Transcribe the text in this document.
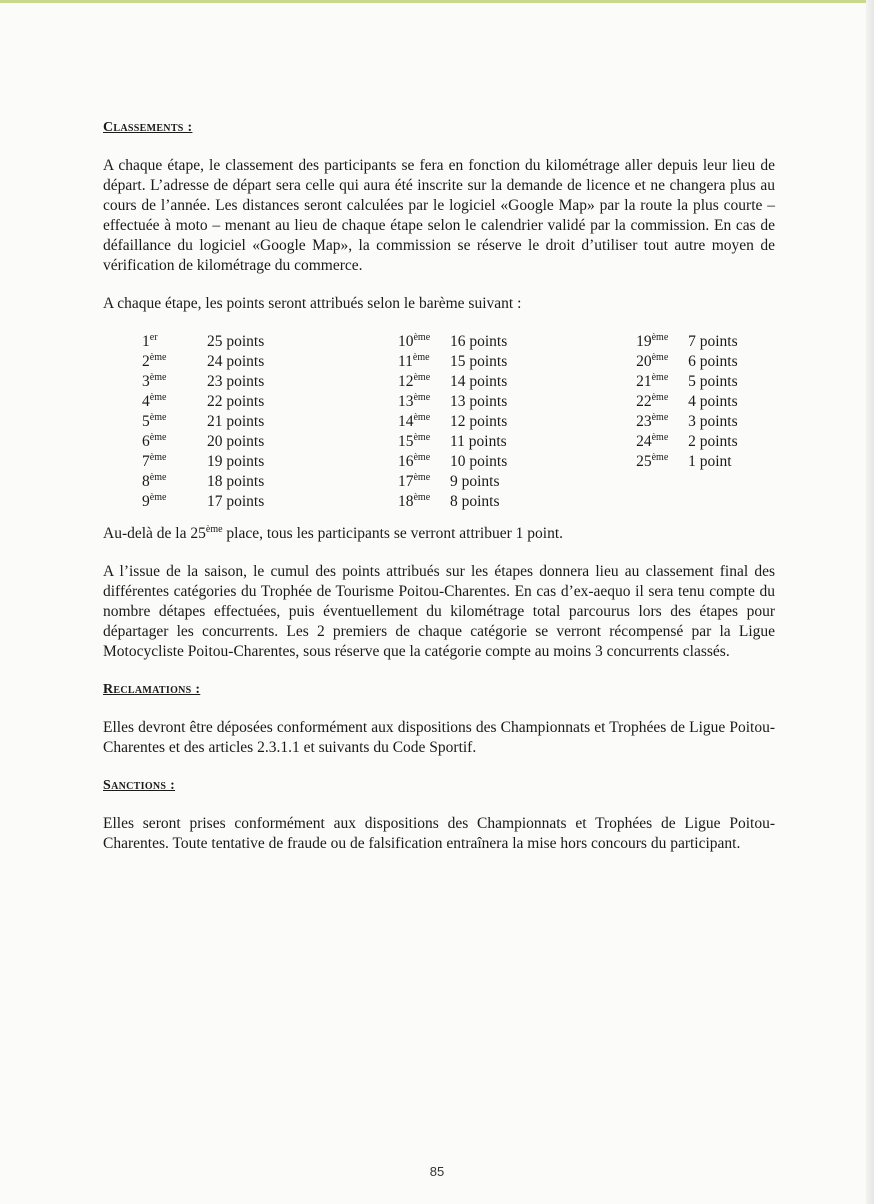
Classements :

A chaque étape, le classement des participants se fera en fonction du kilométrage aller depuis leur lieu de départ. L’adresse de départ sera celle qui aura été inscrite sur la demande de licence et ne changera plus au cours de l’année. Les distances seront calculées par le logiciel «Google Map» par la route la plus courte – effectuée à moto – menant au lieu de chaque étape selon le calendrier validé par la commission. En cas de défaillance du logiciel «Google Map», la commission se réserve le droit d’utiliser tout autre moyen de vérification de kilométrage du commerce.

A chaque étape, les points seront attribués selon le barème suivant :

1er	25 points
2ème	24 points
3ème	23 points
4ème	22 points
5ème	21 points
6ème	20 points
7ème	19 points
8ème	18 points
9ème	17 points
10ème	16 points
11ème	15 points
12ème	14 points
13ème	13 points
14ème	12 points
15ème	11 points
16ème	10 points
17ème	9 points
18ème	8 points
19ème	7 points
20ème	6 points
21ème	5 points
22ème	4 points
23ème	3 points
24ème	2 points
25ème	1 point

Au-delà de la 25ème place, tous les participants se verront attribuer 1 point.

A l’issue de la saison, le cumul des points attribués sur les étapes donnera lieu au classement final des différentes catégories du Trophée de Tourisme Poitou-Charentes. En cas d’ex-aequo il sera tenu compte du nombre détapes effectuées, puis éventuellement du kilométrage total parcourus lors des étapes pour départager les concurrents. Les 2 premiers de chaque catégorie se verront récompensé par la Ligue Motocycliste Poitou-Charentes, sous réserve que la catégorie compte au moins 3 concurrents classés.

Reclamations :

Elles devront être déposées conformément aux dispositions des Championnats et Trophées de Ligue Poitou-Charentes et des articles 2.3.1.1 et suivants du Code Sportif.

Sanctions :

Elles seront prises conformément aux dispositions des Championnats et Trophées de Ligue Poitou-Charentes. Toute tentative de fraude ou de falsification entraînera la mise hors concours du participant.

85
